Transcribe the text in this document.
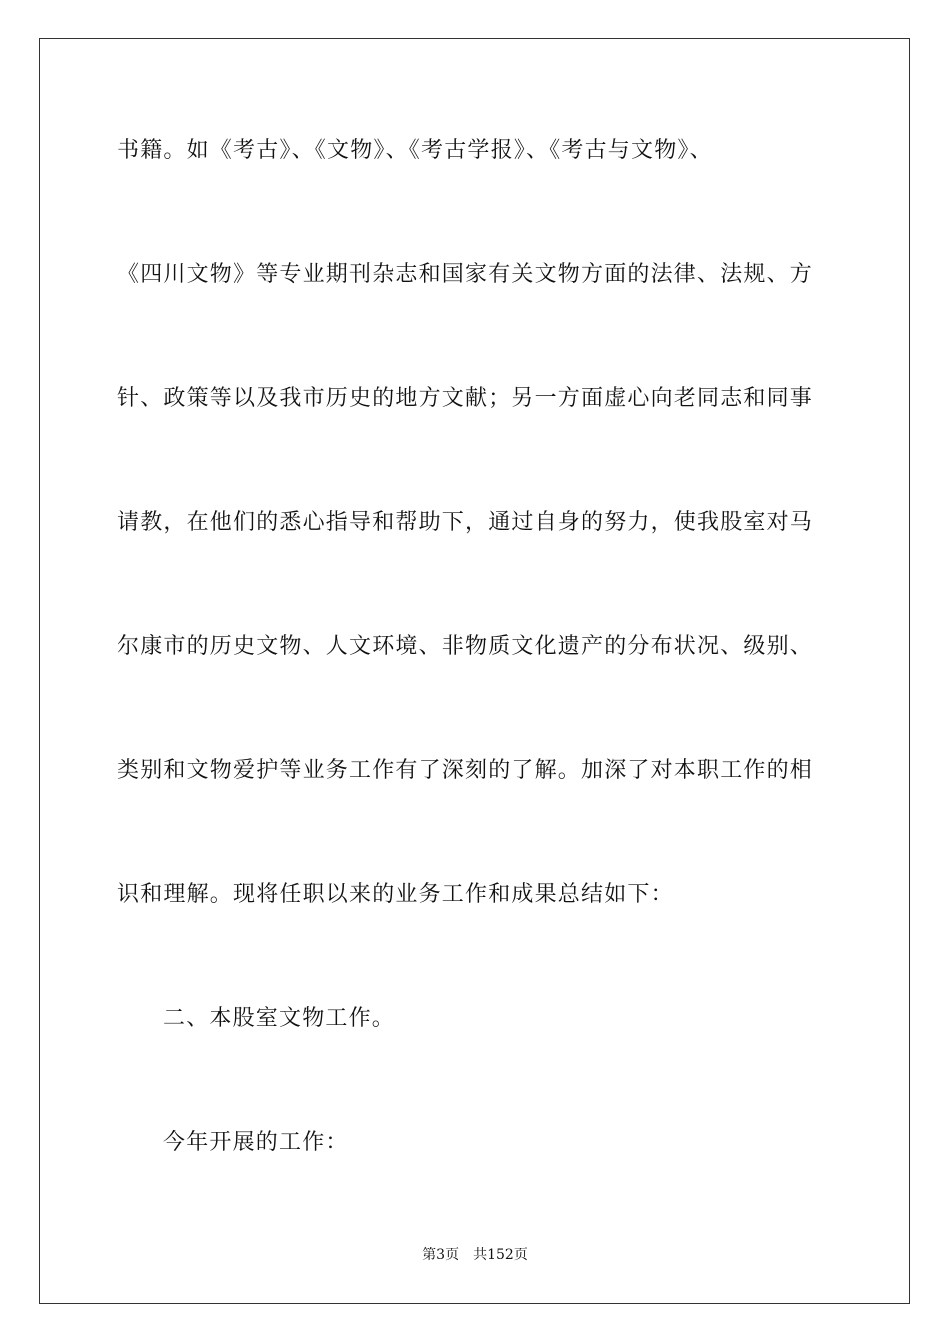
书籍。如《考古》、《文物》、《考古学报》、《考古与文物》、
《四川文物》等专业期刊杂志和国家有关文物方面的法律、法规、方
针、政策等以及我市历史的地方文献；另一方面虚心向老同志和同事
请教，在他们的悉心指导和帮助下，通过自身的努力，使我股室对马
尔康市的历史文物、人文环境、非物质文化遗产的分布状况、级别、
类别和文物爱护等业务工作有了深刻的了解。加深了对本职工作的相
识和理解。现将任职以来的业务工作和成果总结如下：
二、本股室文物工作。
今年开展的工作：
第3页 共152页
